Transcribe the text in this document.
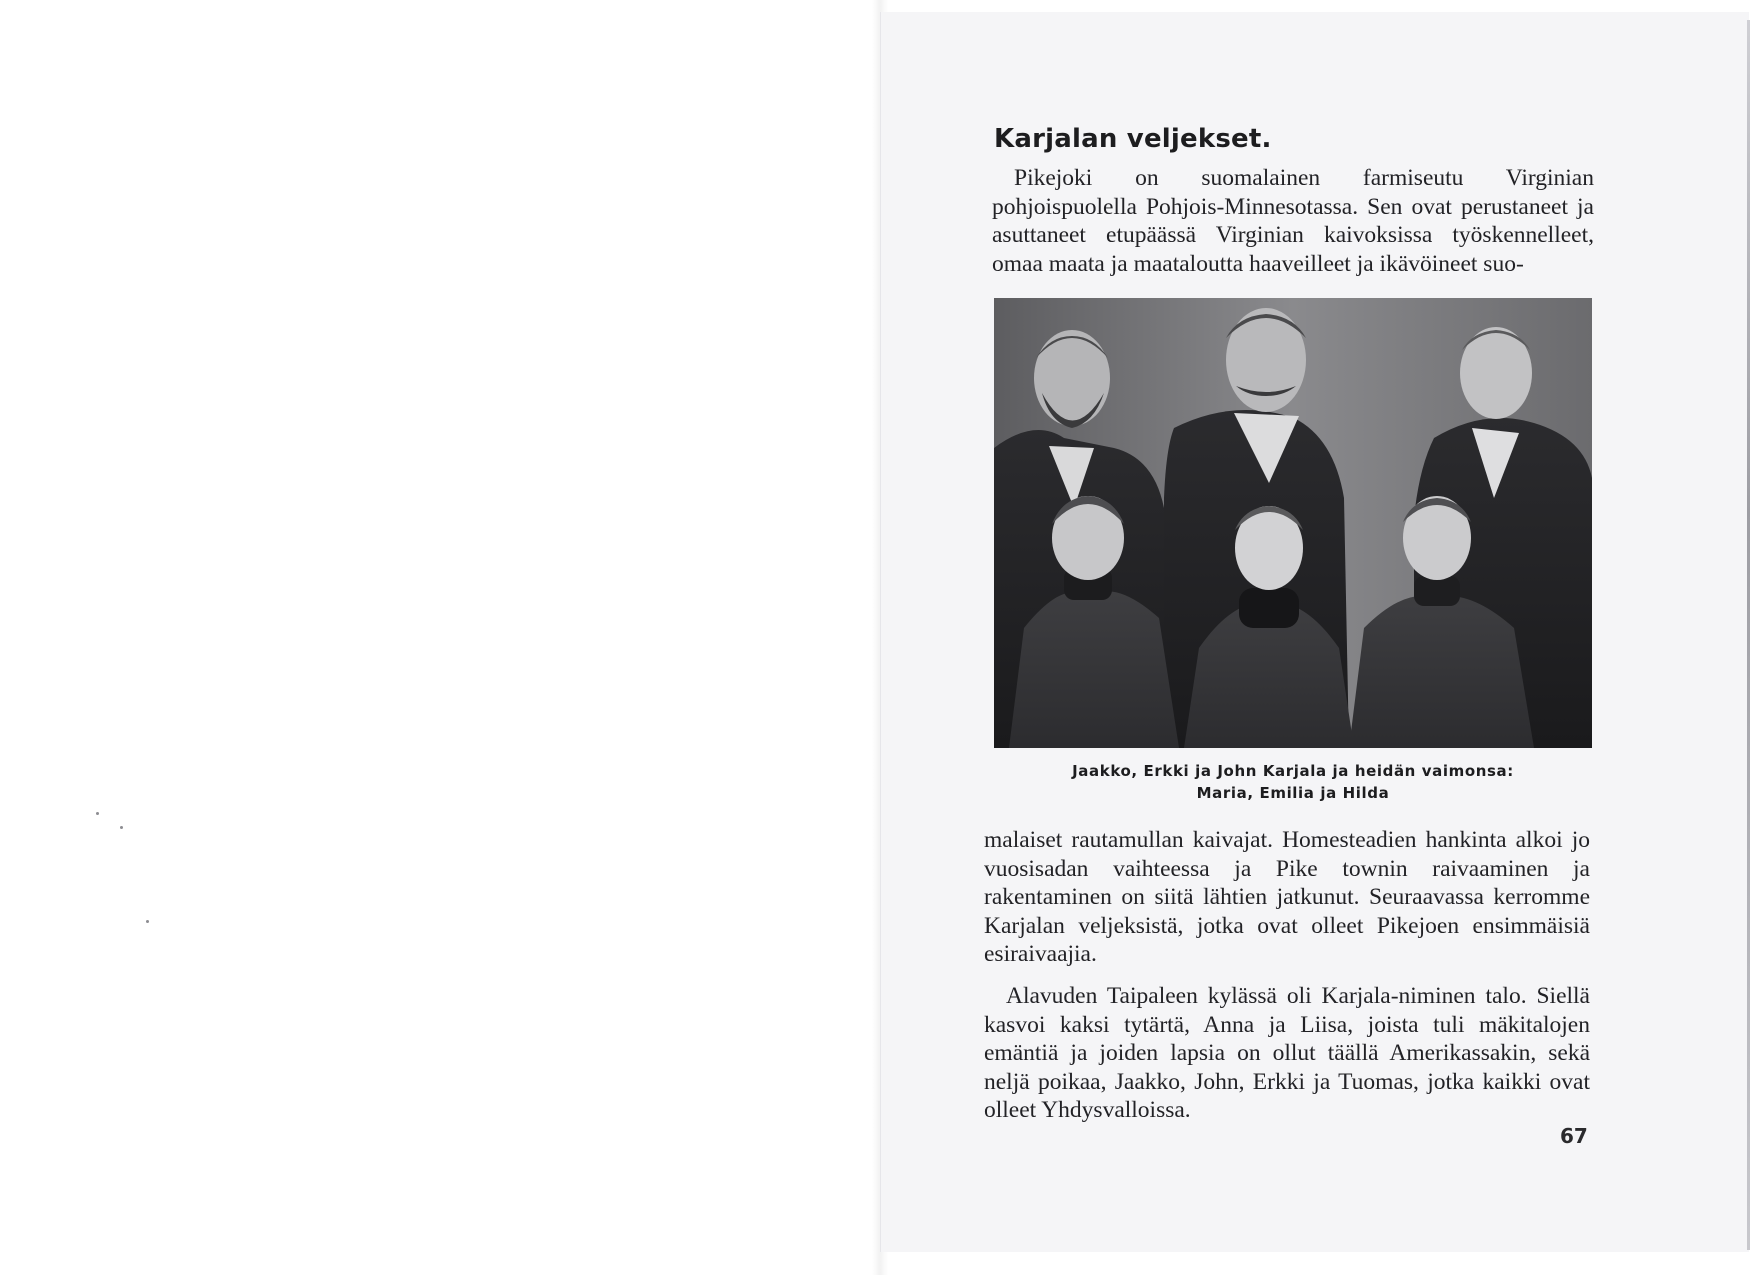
Karjalan veljekset.

Pikejoki on suomalainen farmiseutu Virginian pohjoispuolella Pohjois-Minnesotassa. Sen ovat perustaneet ja asuttaneet etupäässä Virginian kaivoksissa työskennelleet, omaa maata ja maataloutta haaveilleet ja ikävöineet suo-

Jaakko, Erkki ja John Karjala ja heidän vaimonsa:
Maria, Emilia ja Hilda

malaiset rautamullan kaivajat. Homesteadien hankinta alkoi jo vuosisadan vaihteessa ja Pike townin raivaaminen ja rakentaminen on siitä lähtien jatkunut. Seuraavassa kerromme Karjalan veljeksistä, jotka ovat olleet Pikejoen ensimmäisiä esiraivaajia.

Alavuden Taipaleen kylässä oli Karjala-niminen talo. Siellä kasvoi kaksi tytärtä, Anna ja Liisa, joista tuli mäkitalojen emäntiä ja joiden lapsia on ollut täällä Amerikassakin, sekä neljä poikaa, Jaakko, John, Erkki ja Tuomas, jotka kaikki ovat olleet Yhdysvalloissa.

67
